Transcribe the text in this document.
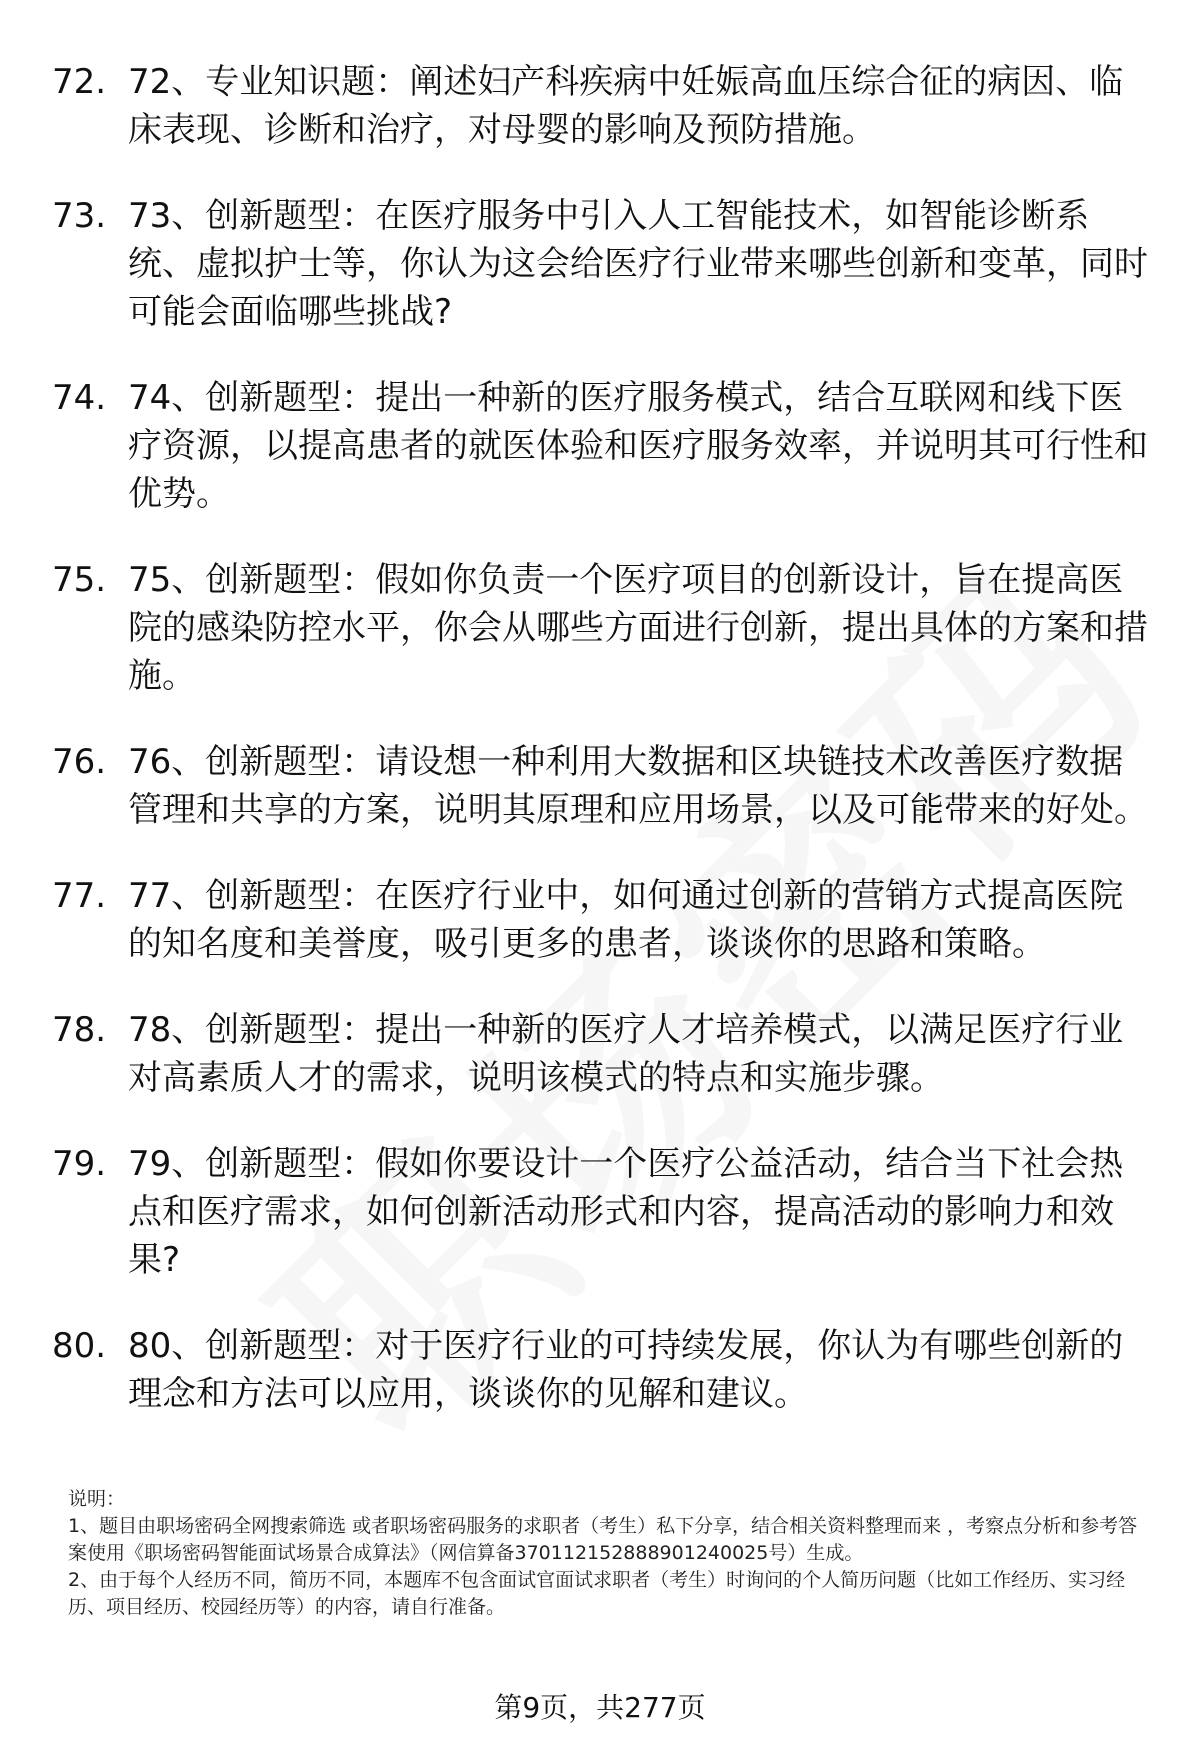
72. 72、专业知识题：阐述妇产科疾病中妊娠高血压综合征的病因、临床表现、诊断和治疗，对母婴的影响及预防措施。
73. 73、创新题型：在医疗服务中引入人工智能技术，如智能诊断系统、虚拟护士等，你认为这会给医疗行业带来哪些创新和变革，同时可能会面临哪些挑战?
74. 74、创新题型：提出一种新的医疗服务模式，结合互联网和线下医疗资源，以提高患者的就医体验和医疗服务效率，并说明其可行性和优势。
75. 75、创新题型：假如你负责一个医疗项目的创新设计，旨在提高医院的感染防控水平，你会从哪些方面进行创新，提出具体的方案和措施。
76. 76、创新题型：请设想一种利用大数据和区块链技术改善医疗数据管理和共享的方案，说明其原理和应用场景，以及可能带来的好处。
77. 77、创新题型：在医疗行业中，如何通过创新的营销方式提高医院的知名度和美誉度，吸引更多的患者，谈谈你的思路和策略。
78. 78、创新题型：提出一种新的医疗人才培养模式，以满足医疗行业对高素质人才的需求，说明该模式的特点和实施步骤。
79. 79、创新题型：假如你要设计一个医疗公益活动，结合当下社会热点和医疗需求，如何创新活动形式和内容，提高活动的影响力和效果?
80. 80、创新题型：对于医疗行业的可持续发展，你认为有哪些创新的理念和方法可以应用，谈谈你的见解和建议。

说明：

1、题目由职场密码全网搜索筛选 或者职场密码服务的求职者（考生）私下分享，结合相关资料整理而来 ，考察点分析和参考答案使用《职场密码智能面试场景合成算法》（网信算备370112152888901240025号）生成。

2、由于每个人经历不同，简历不同，本题库不包含面试官面试求职者（考生）时询问的个人简历问题（比如工作经历、实习经历、项目经历、校园经历等）的内容，请自行准备。

第9页，共277页
